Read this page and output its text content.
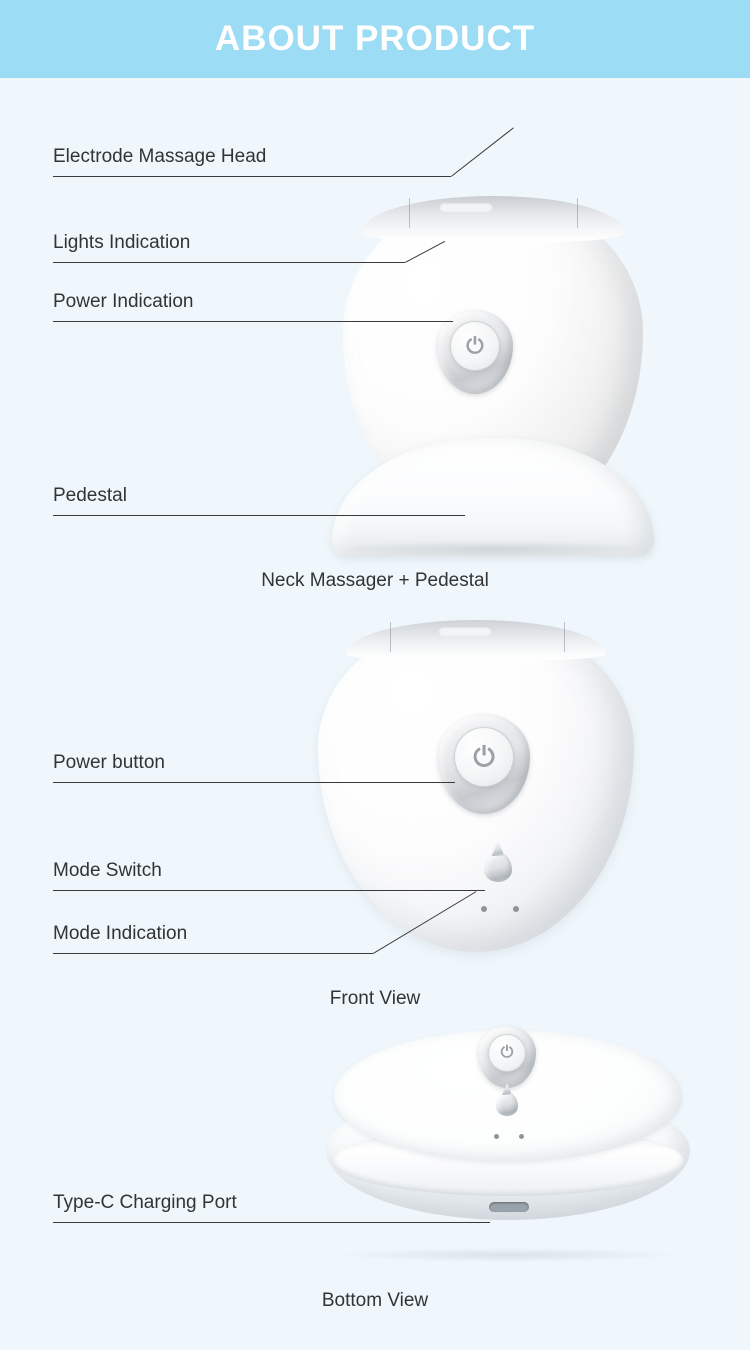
ABOUT PRODUCT
⏻
Electrode Massage Head
Lights Indication
Power Indication
Pedestal
Neck Massager + Pedestal
⏻
Power button
Mode Switch
Mode Indication
Front View
⏻
Type-C Charging Port
Bottom View
